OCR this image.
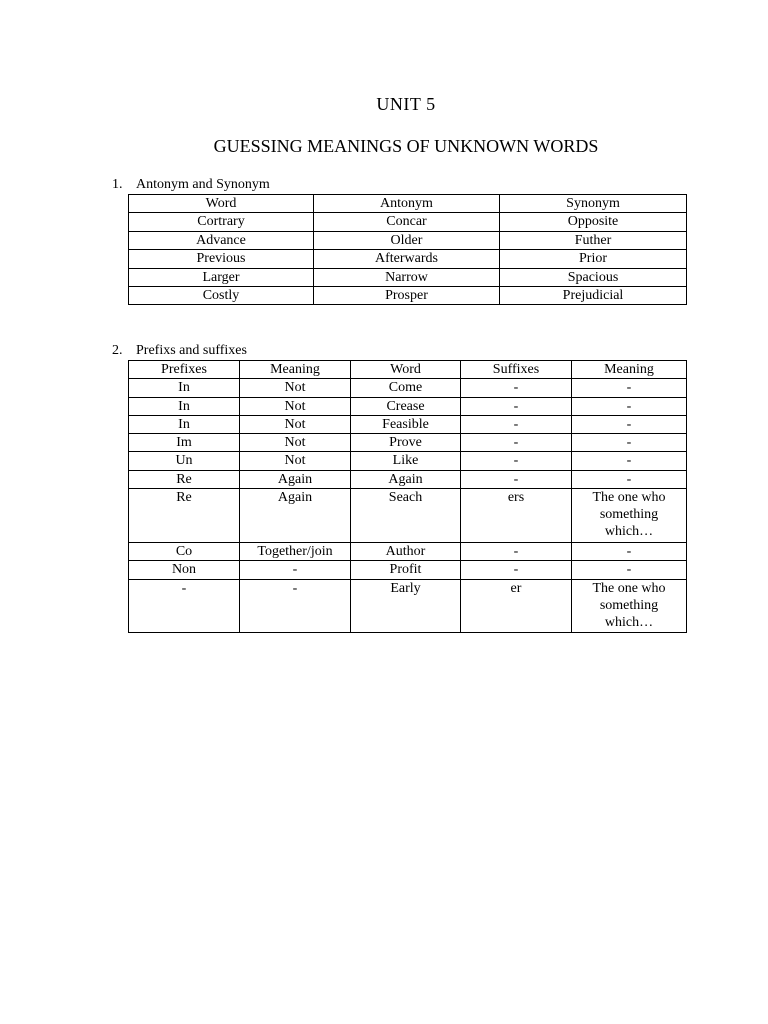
UNIT 5
GUESSING MEANINGS OF UNKNOWN WORDS
1. Antonym and Synonym
Word	Antonym	Synonym
Cortrary	Concar	Opposite
Advance	Older	Futher
Previous	Afterwards	Prior
Larger	Narrow	Spacious
Costly	Prosper	Prejudicial
2. Prefixs and suffixes
Prefixes	Meaning	Word	Suffixes	Meaning
In	Not	Come	-	-
In	Not	Crease	-	-
In	Not	Feasible	-	-
Im	Not	Prove	-	-
Un	Not	Like	-	-
Re	Again	Again	-	-
Re	Again	Seach	ers	The one who something which…
Co	Together/join	Author	-	-
Non	-	Profit	-	-
-	-	Early	er	The one who something which…
